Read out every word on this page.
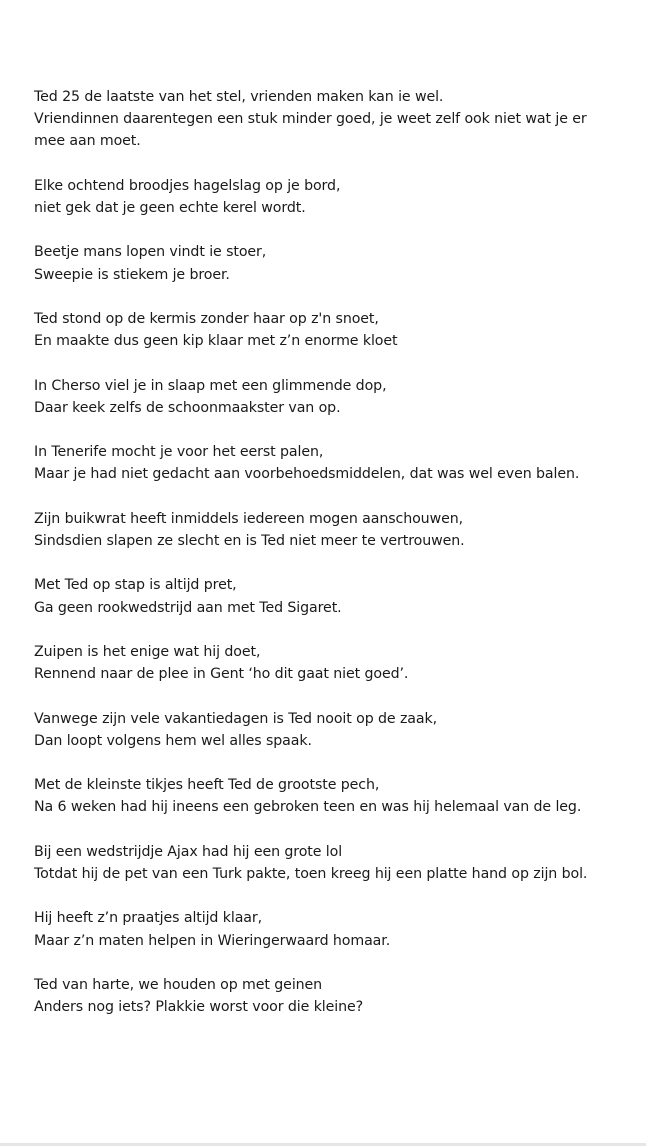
Ted 25 de laatste van het stel, vrienden maken kan ie wel.
Vriendinnen daarentegen een stuk minder goed, je weet zelf ook niet wat je er mee aan moet.

Elke ochtend broodjes hagelslag op je bord,
niet gek dat je geen echte kerel wordt.

Beetje mans lopen vindt ie stoer,
Sweepie is stiekem je broer.

Ted stond op de kermis zonder haar op z'n snoet,
En maakte dus geen kip klaar met z’n enorme kloet

In Cherso viel je in slaap met een glimmende dop,
Daar keek zelfs de schoonmaakster van op.

In Tenerife mocht je voor het eerst palen,
Maar je had niet gedacht aan voorbehoedsmiddelen, dat was wel even balen.

Zijn buikwrat heeft inmiddels iedereen mogen aanschouwen,
Sindsdien slapen ze slecht en is Ted niet meer te vertrouwen.

Met Ted op stap is altijd pret,
Ga geen rookwedstrijd aan met Ted Sigaret.

Zuipen is het enige wat hij doet,
Rennend naar de plee in Gent ‘ho dit gaat niet goed’.

Vanwege zijn vele vakantiedagen is Ted nooit op de zaak,
Dan loopt volgens hem wel alles spaak.

Met de kleinste tikjes heeft Ted de grootste pech,
Na 6 weken had hij ineens een gebroken teen en was hij helemaal van de leg.

Bij een wedstrijdje Ajax had hij een grote lol
Totdat hij de pet van een Turk pakte, toen kreeg hij een platte hand op zijn bol.

Hij heeft z’n praatjes altijd klaar,
Maar z’n maten helpen in Wieringerwaard homaar.

Ted van harte, we houden op met geinen
Anders nog iets? Plakkie worst voor die kleine?
